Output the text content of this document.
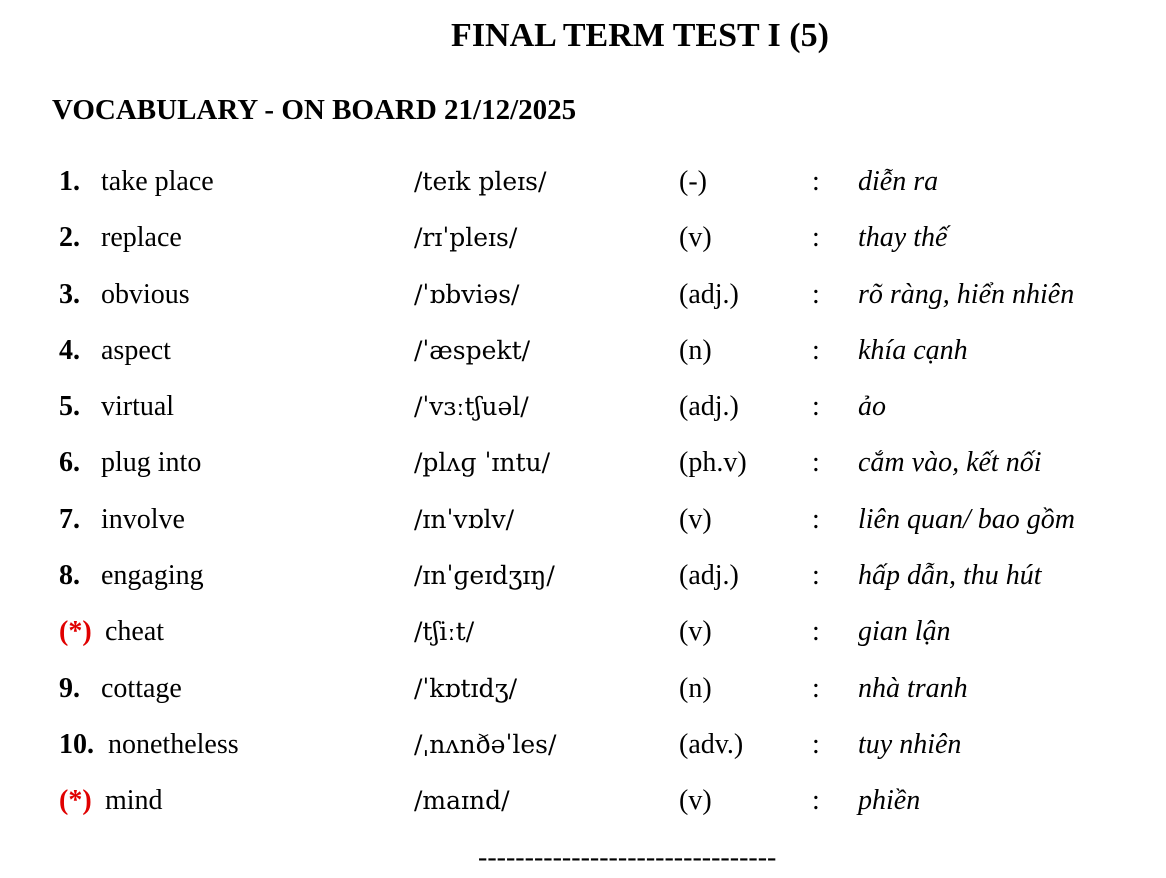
FINAL TERM TEST I (5)
VOCABULARY - ON BOARD 21/12/2025
1. take place	/teɪk pleɪs/	(-)	: diễn ra
2. replace	/rɪˈpleɪs/	(v)	: thay thế
3. obvious	/ˈɒbviəs/	(adj.)	: rõ ràng, hiển nhiên
4. aspect	/ˈæspekt/	(n)	: khía cạnh
5. virtual	/ˈvɜːtʃuəl/	(adj.)	: ảo
6. plug into	/plʌɡ ˈɪntu/	(ph.v) : cắm vào, kết nối
7. involve	/ɪnˈvɒlv/	(v)	: liên quan/ bao gồm
8. engaging	/ɪnˈɡeɪdʒɪŋ/	(adj.)	: hấp dẫn, thu hút
(*) cheat	/tʃiːt/	(v)	: gian lận
9. cottage	/ˈkɒtɪdʒ/	(n)	: nhà tranh
10. nonetheless	/ˌnʌnðəˈles/	(adv.) : tuy nhiên
(*) mind	/maɪnd/	(v)	: phiền
--------------------------------
